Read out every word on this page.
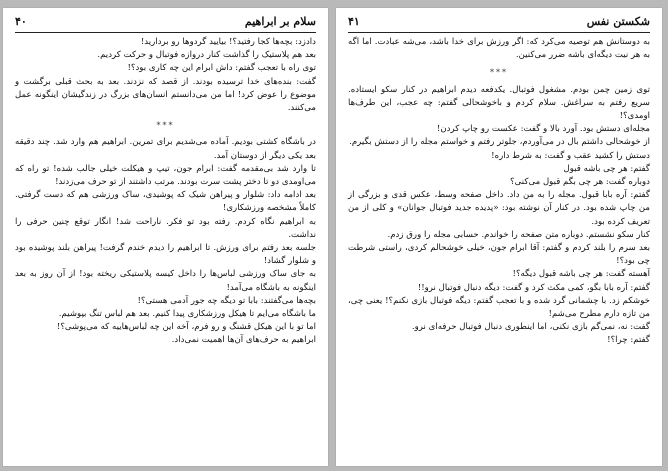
سلام بر ابراهیم
۴۰

دادزد: بچه‌ها کجا رفتید؟! بیایید گردوها رو بردارید!

بعد هم پلاستیک را گذاشت کنار دروازه فوتبال و حرکت کردیم.

توی راه با تعجب گفتم: داش ابرام این چه کاری بود؟!

گفت: بنده‌های خدا ترسیده بودند. از قصد که نزدند. بعد به بحث قبلی برگشت و موضوع را عوض کرد! اما من می‌دانستم انسان‌های بزرگ در زندگیشان اینگونه عمل می‌کنند.

***

در باشگاه کشتی بودیم. آماده می‌شدیم برای تمرین. ابراهیم هم وارد شد. چند دقیقه بعد یکی دیگر از دوستان آمد.

تا وارد شد بی‌مقدمه گفت: ابرام جون، تیپ و هیکلت خیلی جالب شده! تو راه که می‌اومدی دو تا دختر پشت سرت بودند. مرتب داشتند از تو حرف می‌زدند!

بعد ادامه داد: شلوار و پیراهن شیک که پوشیدی، ساک ورزشی هم که دست گرفتی. کاملاً مشخصه ورزشکاری!

به ابراهیم نگاه کردم. رفته بود تو فکر. ناراحت شد! انگار توقع چنین حرفی را نداشت.

جلسه بعد رفتم برای ورزش. تا ابراهیم را دیدم خندم گرفت! پیراهن بلند پوشیده بود و شلوار گشاد!

به جای ساک ورزشی لباس‌ها را داخل کیسه پلاستیکی ریخته بود! از آن روز به بعد اینگونه به باشگاه می‌آمد!

بچه‌ها می‌گفتند: بابا تو دیگه چه جور آدمی هستی؟!

ما باشگاه می‌ایم تا هیکل ورزشکاری پیدا کنیم. بعد هم لباس تنگ بپوشیم.

اما تو با این هیکل قشنگ و رو فرم، آخه این چه لباس‌هاییه که می‌پوشی؟!

ابراهیم به حرف‌های آن‌ها اهمیت نمی‌داد.

شکستن نفس
۴۱

به دوستانش هم توصیه می‌کرد که: اگر ورزش برای خدا باشد، می‌شه عبادت. اما اگه به هر نیت دیگه‌ای باشه ضرر می‌کنین.

***

توی زمین چمن بودم. مشغول فوتبال. یکدفعه دیدم ابراهیم در کنار سکو ایستاده. سریع رفتم به سراغش. سلام کردم و باخوشحالی گفتم: چه عجب، این طرف‌ها اومدی؟!

مجله‌ای دستش بود. آورد بالا و گفت: عکست رو چاپ کردن!

از خوشحالی داشتم بال در می‌آوردم، جلوتر رفتم و خواستم مجله را از دستش بگیرم.

دستش را کشید عقب و گفت: به شرط داره!

گفتم: هر چی باشه قبول

دوباره گفت: هر چی بگم قبول می‌کنی؟

گفتم: آره بابا قبول. مجله را به من داد. داخل صفحه وسط، عکس قدی و بزرگی از من چاپ شده بود. در کنار آن نوشته بود: «پدیده جدید فوتبال جوانان» و کلی از من تعریف کرده بود.

کنار سکو نشستم. دوباره متن صفحه را خواندم. حسابی مجله را ورق زدم.

بعد سرم را بلند کردم و گفتم: آقا ابرام جون، خیلی خوشحالم کردی، راستی شرطت چی بود؟!

آهسته گفت: هر چی باشه قبول دیگه؟!

گفتم: آره بابا بگو، کمی مکث کرد و گفت: دیگه دنبال فوتبال نرو!!

خوشکم زد. با چشمانی گرد شده و با تعجب گفتم: دیگه فوتبال بازی نکنم؟! یعنی چی، من تازه دارم مطرح می‌شم!

گفت: نه، نمی‌گم بازی نکنی، اما اینطوری دنبال فوتبال حرفه‌ای نرو.

گفتم: چرا؟!
